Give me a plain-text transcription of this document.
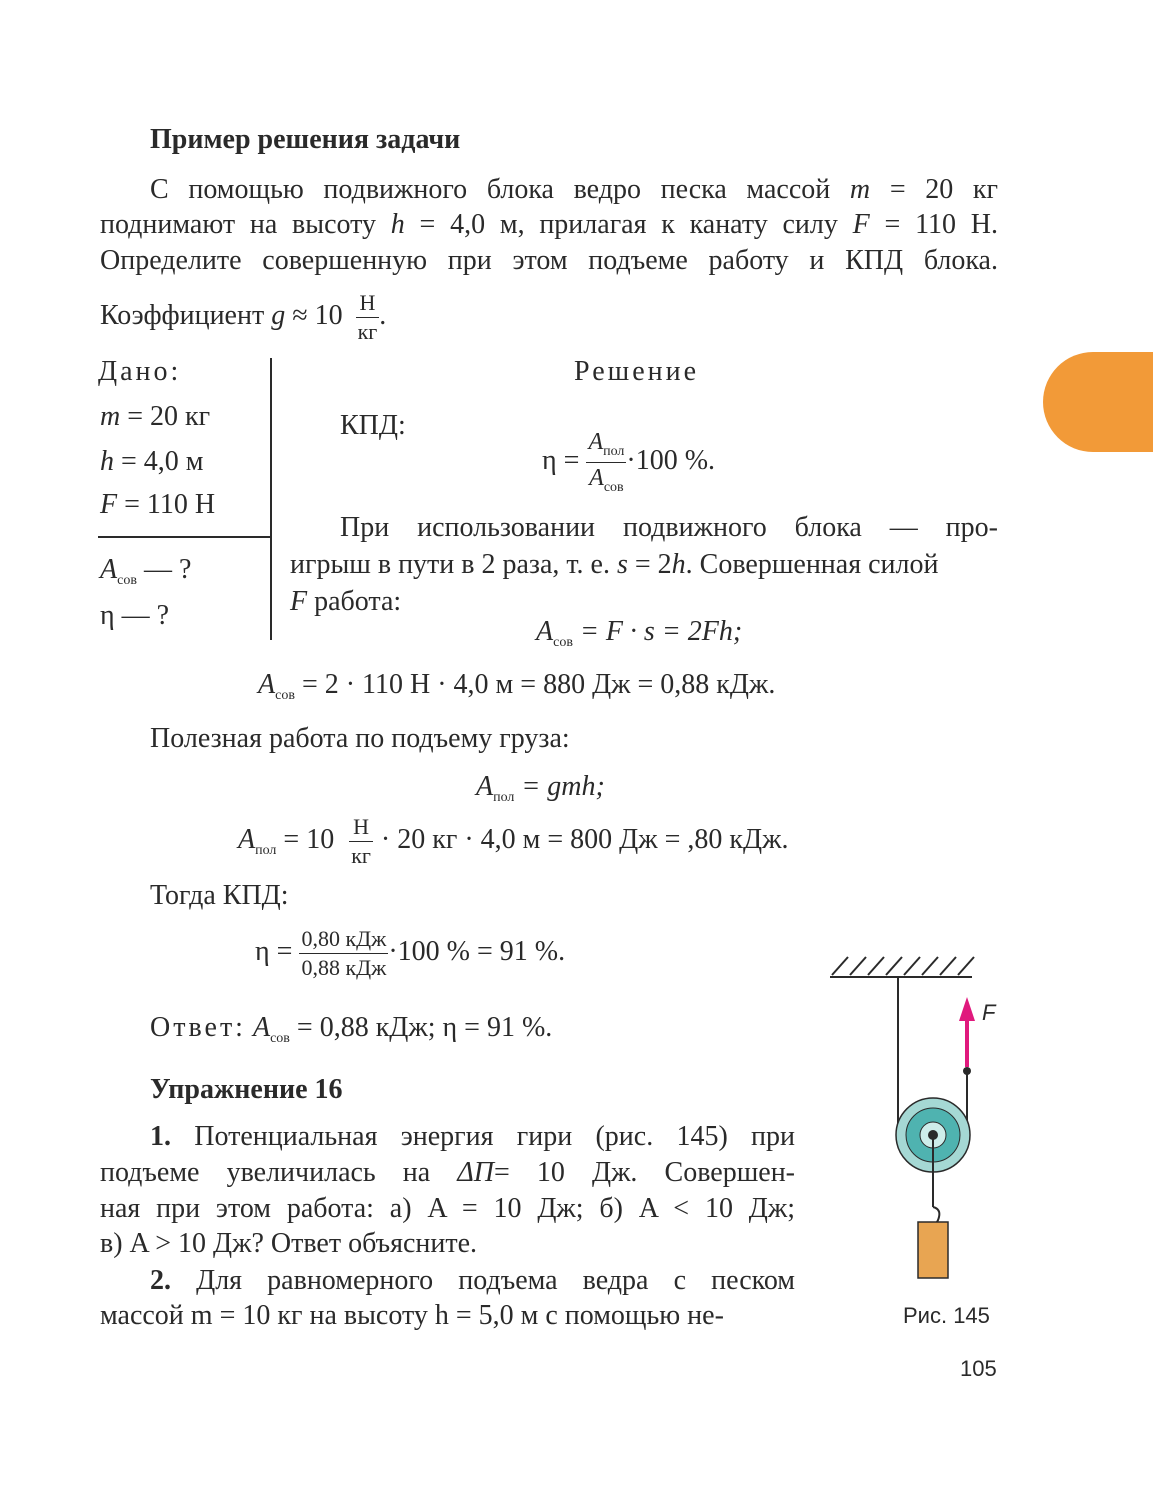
Пример решения задачи
С помощью подвижного блока ведро песка массой m = 20 кг
поднимают на высоту h = 4,0 м, прилагая к канату силу F = 110 Н.
Определите совершенную при этом подъеме работу и КПД блока.
Коэффициент $g \approx 10 \frac{Н}{кг}$ .
Дано:
m = 20 кг
h = 4,0 м
F = 110 Н
$A_{сов}$ — ?
η — ?
Решение
КПД:
$\eta = \frac{A_{пол}}{A_{сов}} \cdot 100$ %.
При использовании подвижного блока — про-
игрыш в пути в 2 раза, т. е. s = 2h. Совершенная силой
F работа:
$A_{сов} = F \cdot s = 2Fh$;
$A_{сов} = 2 \cdot 110$ Н · 4,0 м = 880 Дж = 0,88 кДж.
Полезная работа по подъему груза:
$A_{пол}$ = gmh;
$A_{пол} = 10 \frac{Н}{кг} \cdot 20$ кг · 4,0 м = 800 Дж = ,80 кДж.
Тогда КПД:
$\eta = \frac{\text{0,80 кДж}}{\text{0,88 кДж}} \cdot 100$ % = 91 %.
Ответ: $A_{сов} = 0,88$ кДж; η = 91 %.
Упражнение 16
1. Потенциальная энергия гири (рис. 145) при
подъеме увеличилась на ΔП= 10 Дж. Совершен-
ная при этом работа: а) A = 10 Дж; б) A < 10 Дж;
в) A > 10 Дж? Ответ объясните.
2. Для равномерного подъема ведра с песком
массой m = 10 кг на высоту h = 5,0 м с помощью не-
F
Рис. 145
105
